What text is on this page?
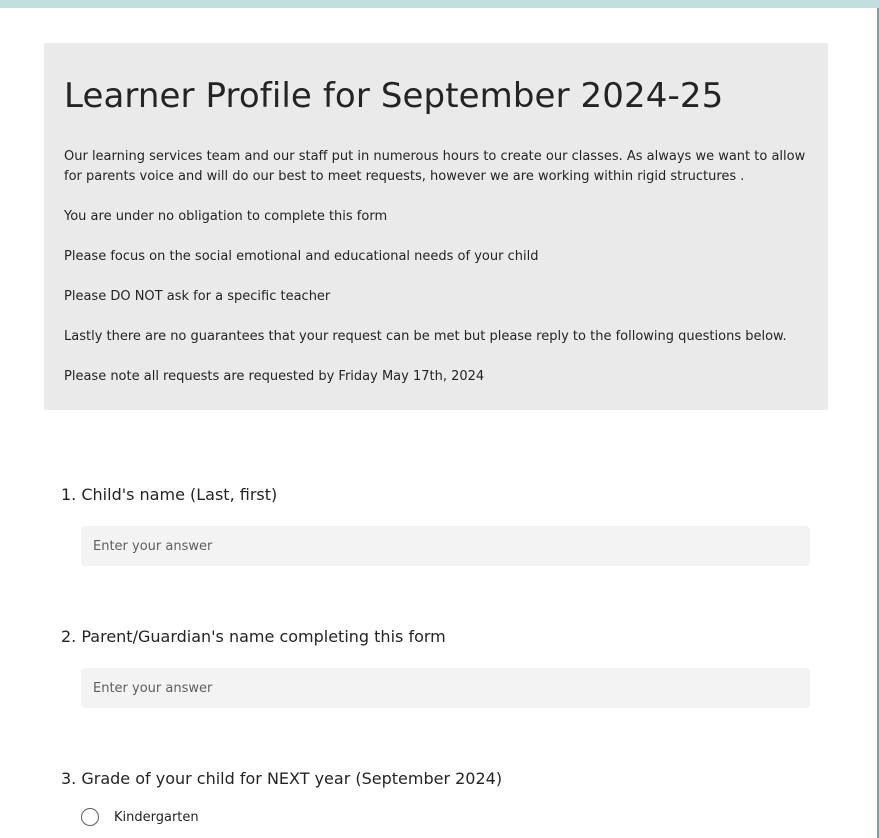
Learner Profile for September 2024-25

Our learning services team and our staff put in numerous hours to create our classes. As always we want to allow for parents voice and will do our best to meet requests, however we are working within rigid structures .

You are under no obligation to complete this form

Please focus on the social emotional and educational needs of your child

Please DO NOT ask for a specific teacher

Lastly there are no guarantees that your request can be met but please reply to the following questions below.

Please note all requests are requested by Friday May 17th, 2024

1. Child's name (Last, first)
Enter your answer
2. Parent/Guardian's name completing this form
Enter your answer
3. Grade of your child for NEXT year (September 2024)
Kindergarten
